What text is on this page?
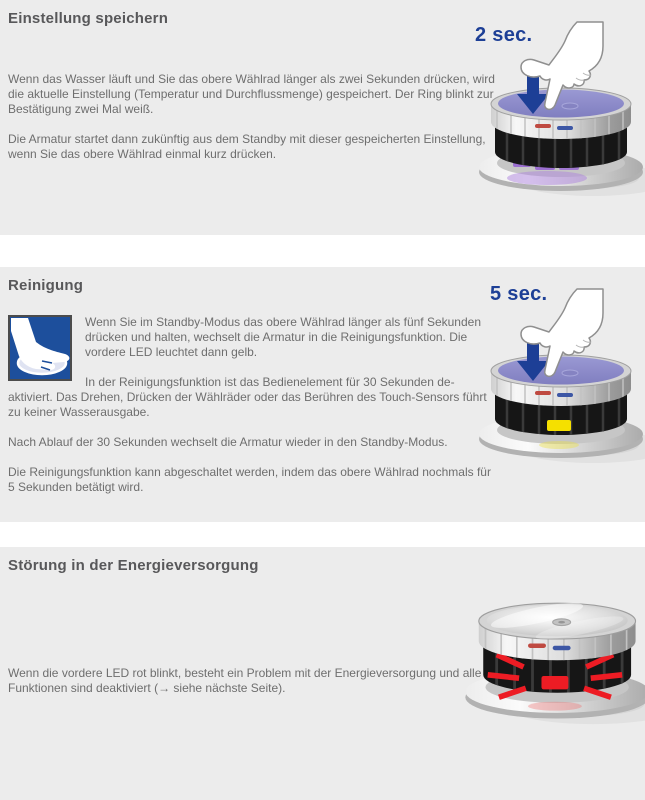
Einstellung speichern

Wenn das Wasser läuft und Sie das obere Wählrad länger als zwei Sekunden drücken, wird die aktuelle Einstellung (Temperatur und Durchflussmenge) gespeichert. Der Ring blinkt zur Bestätigung zwei Mal weiß.

Die Armatur startet dann zukünftig aus dem Standby mit dieser gespeicherten Einstellung, wenn Sie das obere Wählrad einmal kurz drücken.

2 sec.
Reinigung

Wenn Sie im Standby-Modus das obere Wählrad länger als fünf Sekunden drücken und halten, wechselt die Armatur in die Reinigungsfunktion. Die vordere LED leuchtet dann gelb.

In der Reinigungsfunktion ist das Bedienelement für 30 Sekunden deaktiviert. Das Drehen, Drücken der Wählräder oder das Berühren des Touch-Sensors führt zu keiner Wasserausgabe.

Nach Ablauf der 30 Sekunden wechselt die Armatur wieder in den Standby-Modus.

Die Reinigungsfunktion kann abgeschaltet werden, indem das obere Wählrad nochmals für 5 Sekunden betätigt wird.

5 sec.
Störung in der Energieversorgung

Wenn die vordere LED rot blinkt, besteht ein Problem mit der Energieversorgung und alle Funktionen sind deaktiviert (→ siehe nächste Seite).
